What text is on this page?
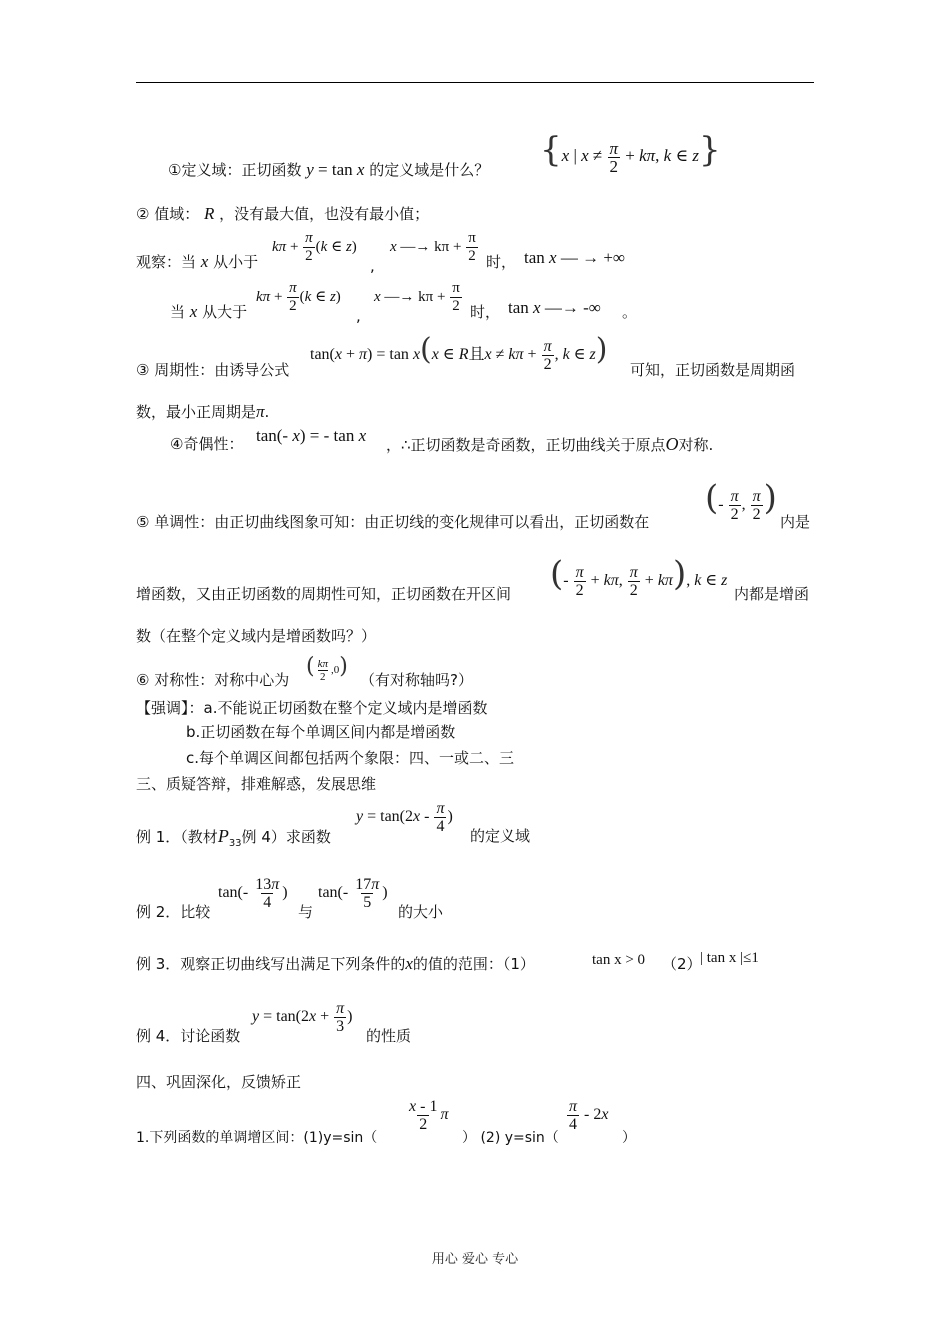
①定义域：正切函数 y = tan x 的定义域是什么？ {x | $x \ne \frac{\pi}{2} + k\pi$, k ∈ z}
② 值域： R ，没有最大值，也没有最小值；
观察：当 x 从小于
$k\pi + \frac{\pi}{2} (k$ ∈ z)
,
x —→ $k\pi + \frac{\pi}{2}$ 时， tan x — → +∞
当 x 从大于
$k\pi + \frac{\pi}{2} (k$ ∈ z)
,
x —→ $k\pi + \frac{\pi}{2}$ 时， tan x —→ -∞ 。
tan(x + π) = tan x(x ∈ R且$x \ne k\pi + \frac{\pi}{2}$ , k ∈ z)
③ 周期性：由诱导公式	可知，正切函数是周期函
数，最小正周期是π.
④奇偶性： tan(- x) = - tan x ，∴正切函数是奇函数，正切曲线关于原点O对称.
(- $\frac{\pi}{2}$ , $\frac{\pi}{2}$ )
⑤ 单调性：由正切曲线图象可知：由正切线的变化规律可以看出，正切函数在	内是
(- $\frac{\pi}{2} + k\pi$, $\frac{\pi}{2} + k\pi$), k ∈ z
增函数，又由正切函数的周期性可知，正切函数在开区间	内都是增函
数（在整个定义域内是增函数吗？）
⑥ 对称性：对称中心为
( $\frac{k\pi}{2} ,0$)
（有对称轴吗?）
【强调】：a.不能说正切函数在整个定义域内是增函数
b.正切函数在每个单调区间内都是增函数
c.每个单调区间都包括两个象限：四、一或二、三
三、质疑答辩，排难解惑，发展思维
例 1．（教材$P_{33}$例 4）求函数
$y = \tan(2x - \frac{\pi}{4}$ )
的定义域
例 2．比较
$\tan(- \frac{13\pi}{4}$ )
与
$\tan(- \frac{17\pi}{5}$ )
的大小
例 3．观察正切曲线写出满足下列条件的x的值的范围：（1）	tan x > 0 （2）
| tan x |≤1
例 4．讨论函数
$y = \tan(2x + \frac{\pi}{3}$ )
的性质
四、巩固深化，反馈矫正
1.下列函数的单调增区间：(1)y=sin（
$\frac{x - 1}{2}$ π
） (2) y=sin（
$\frac{\pi}{4} - 2x$
）
用心 爱心 专心
